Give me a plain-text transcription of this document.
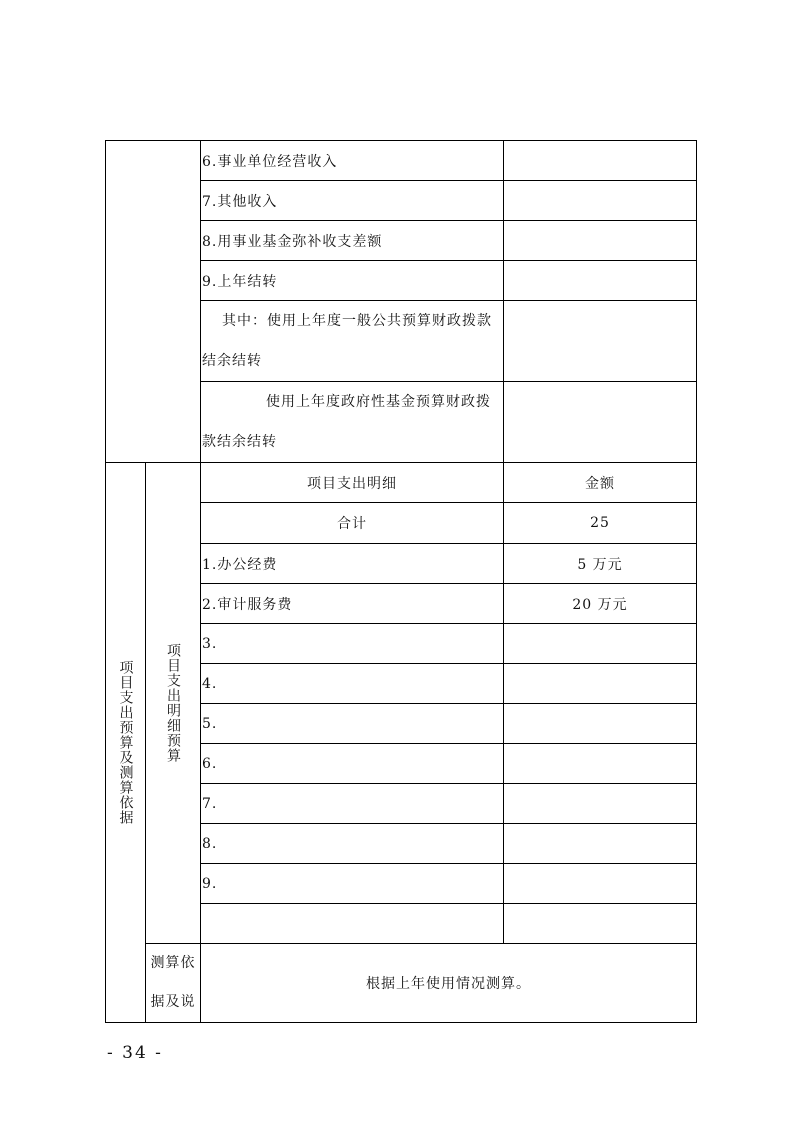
		6.事业单位经营收入	
		7.其他收入	
		8.用事业基金弥补收支差额	
		9.上年结转	

		其中：使用上年度一般公共预算财政拨款
结余结转	

		使用上年度政府性基金预算财政拨
款结余结转	

项目支出预算及测算依据	项目支出明细预算	项目支出明细	金额
		合计	25
		1.办公经费	5 万元
		2.审计服务费	20 万元
		3.	
		4.	
		5.	
		6.	
		7.	
		8.	
		9.	

	测算依
据及说	根据上年使用情况测算。	
- 34 -
